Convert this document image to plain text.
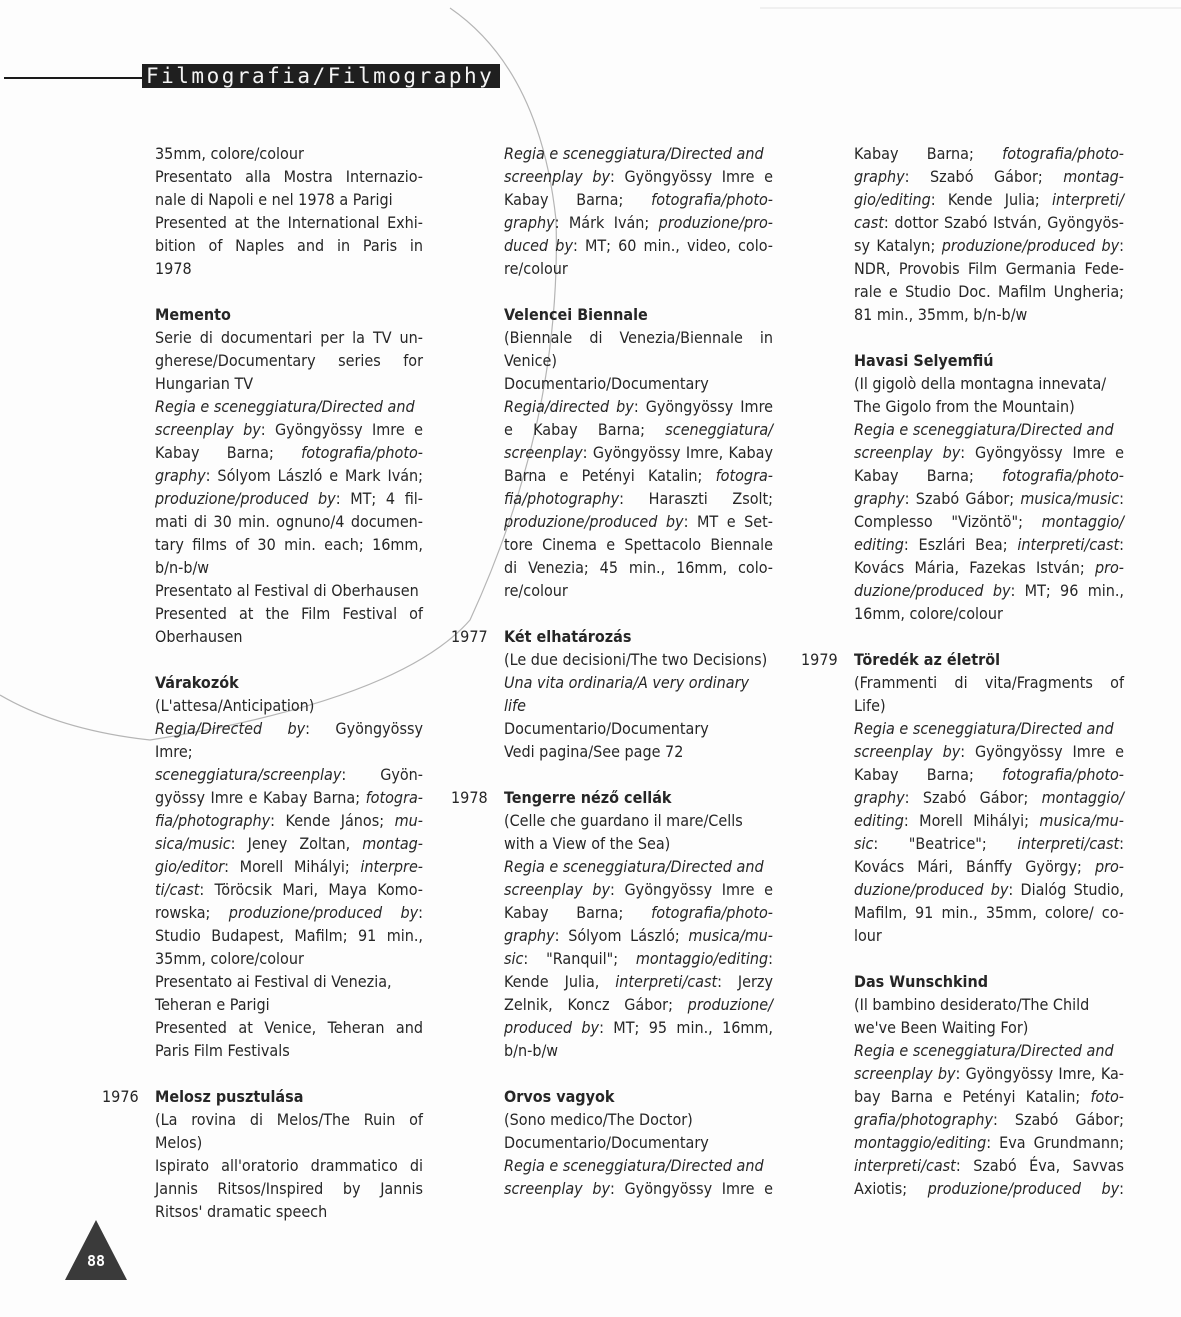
Filmografia/Filmography
35mm, colore/colour
Presentato alla Mostra Internazio-
nale di Napoli e nel 1978 a Parigi
Presented at the International Exhi-
bition of Naples and in Paris in
1978
Memento
Serie di documentari per la TV un-
gherese/Documentary series for
Hungarian TV
Regia e sceneggiatura/Directed and
screenplay by: Gyöngyössy Imre e
Kabay Barna; fotografia/photo-
graphy: Sólyom László e Mark Iván;
produzione/produced by: MT; 4 fil-
mati di 30 min. ognuno/4 documen-
tary films of 30 min. each; 16mm,
b/n-b/w
Presentato al Festival di Oberhausen
Presented at the Film Festival of
Oberhausen
Várakozók
(L'attesa/Anticipation)
Regia/Directed by: Gyöngyössy Imre;
sceneggiatura/screenplay: Gyön-
gyössy Imre e Kabay Barna; fotogra-
fia/photography: Kende János; mu-
sica/music: Jeney Zoltan, montag-
gio/editor: Morell Mihályi; interpre-
ti/cast: Töröcsik Mari, Maya Komo-
rowska; produzione/produced by:
Studio Budapest, Mafilm; 91 min.,
35mm, colore/colour
Presentato ai Festival di Venezia,
Teheran e Parigi
Presented at Venice, Teheran and
Paris Film Festivals
1976 Melosz pusztulása
(La rovina di Melos/The Ruin of
Melos)
Ispirato all'oratorio drammatico di
Jannis Ritsos/Inspired by Jannis
Ritsos' dramatic speech
Regia e sceneggiatura/Directed and
screenplay by: Gyöngyössy Imre e
Kabay Barna; fotografia/photo-
graphy: Márk Iván; produzione/pro-
duced by: MT; 60 min., video, colo-
re/colour
Velencei Biennale
(Biennale di Venezia/Biennale in
Venice)
Documentario/Documentary
Regia/directed by: Gyöngyössy Imre
e Kabay Barna; sceneggiatura/
screenplay: Gyöngyössy Imre, Kabay
Barna e Petényi Katalin; fotogra-
fia/photography: Haraszti Zsolt;
produzione/produced by: MT e Set-
tore Cinema e Spettacolo Biennale
di Venezia; 45 min., 16mm, colo-
re/colour
1977 Két elhatározás
(Le due decisioni/The two Decisions)
Una vita ordinaria/A very ordinary
life
Documentario/Documentary
Vedi pagina/See page 72
1978 Tengerre néző cellák
(Celle che guardano il mare/Cells
with a View of the Sea)
Regia e sceneggiatura/Directed and
screenplay by: Gyöngyössy Imre e
Kabay Barna; fotografia/photo-
graphy: Sólyom László; musica/mu-
sic: "Ranquil"; montaggio/editing:
Kende Julia, interpreti/cast: Jerzy
Zelnik, Koncz Gábor; produzione/
produced by: MT; 95 min., 16mm,
b/n-b/w
Orvos vagyok
(Sono medico/The Doctor)
Documentario/Documentary
Regia e sceneggiatura/Directed and
screenplay by: Gyöngyössy Imre e
Kabay Barna; fotografia/photo-
graphy: Szabó Gábor; montag-
gio/editing: Kende Julia; interpreti/
cast: dottor Szabó István, Gyöngyös-
sy Katalyn; produzione/produced by:
NDR, Provobis Film Germania Fede-
rale e Studio Doc. Mafilm Ungheria;
81 min., 35mm, b/n-b/w
Havasi Selyemfiú
(Il gigolò della montagna innevata/
The Gigolo from the Mountain)
Regia e sceneggiatura/Directed and
screenplay by: Gyöngyössy Imre e
Kabay Barna; fotografia/photo-
graphy: Szabó Gábor; musica/music:
Complesso "Vizöntö"; montaggio/
editing: Eszlári Bea; interpreti/cast:
Kovács Mária, Fazekas István; pro-
duzione/produced by: MT; 96 min.,
16mm, colore/colour
1979 Töredék az életröl
(Frammenti di vita/Fragments of
Life)
Regia e sceneggiatura/Directed and
screenplay by: Gyöngyössy Imre e
Kabay Barna; fotografia/photo-
graphy: Szabó Gábor; montaggio/
editing: Morell Mihályi; musica/mu-
sic: "Beatrice"; interpreti/cast:
Kovács Mári, Bánffy György; pro-
duzione/produced by: Dialóg Studio,
Mafilm, 91 min., 35mm, colore/ co-
lour
Das Wunschkind
(Il bambino desiderato/The Child
we've Been Waiting For)
Regia e sceneggiatura/Directed and
screenplay by: Gyöngyössy Imre, Ka-
bay Barna e Petényi Katalin; foto-
grafia/photography: Szabó Gábor;
montaggio/editing: Eva Grundmann;
interpreti/cast: Szabó Éva, Savvas
Axiotis; produzione/produced by:
88
